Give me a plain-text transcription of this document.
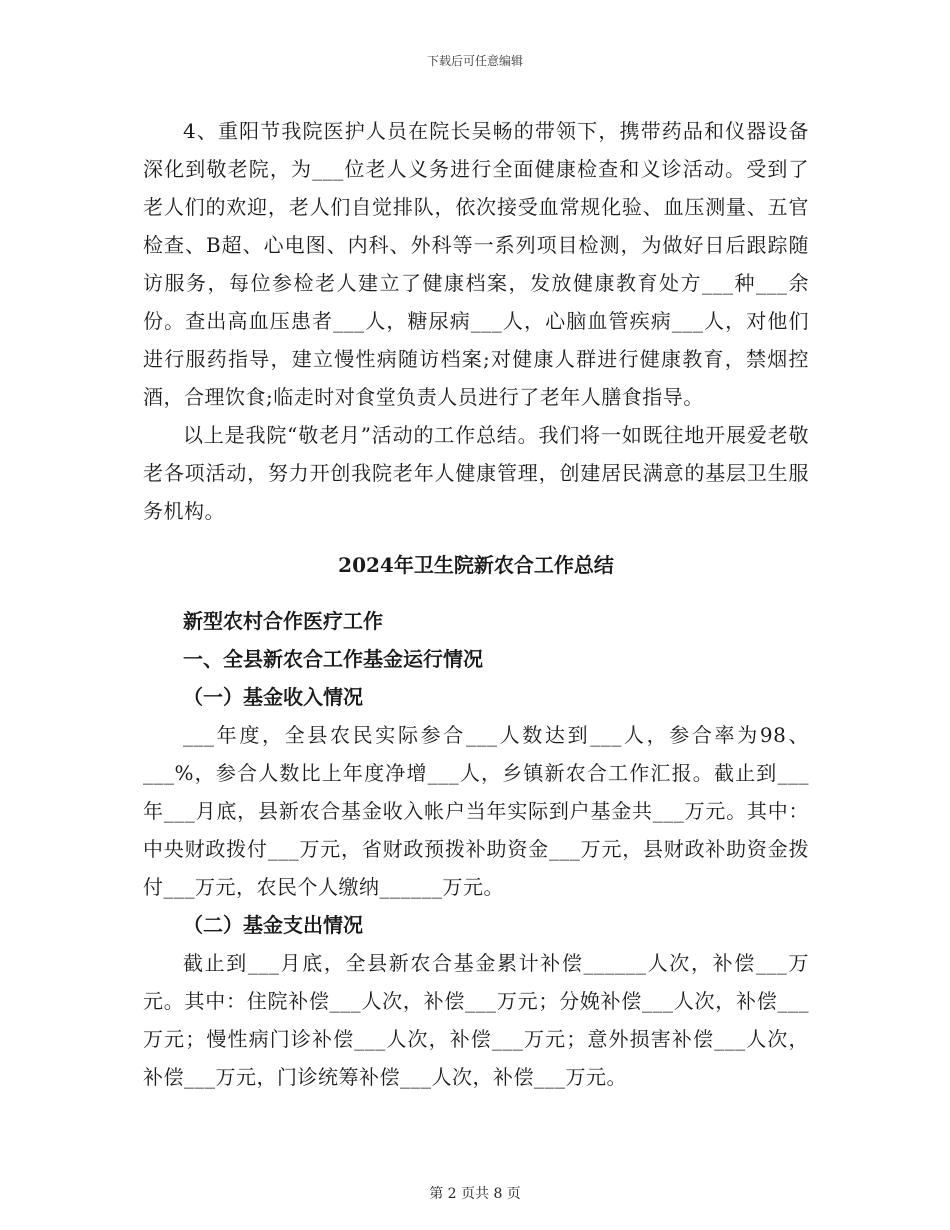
下载后可任意编辑

4、重阳节我院医护人员在院长吴畅的带领下，携带药品和仪器设备深化到敬老院，为___位老人义务进行全面健康检查和义诊活动。受到了老人们的欢迎，老人们自觉排队，依次接受血常规化验、血压测量、五官检查、B超、心电图、内科、外科等一系列项目检测，为做好日后跟踪随访服务，每位参检老人建立了健康档案，发放健康教育处方___种___余份。查出高血压患者___人，糖尿病___人，心脑血管疾病___人，对他们进行服药指导，建立慢性病随访档案;对健康人群进行健康教育，禁烟控酒，合理饮食;临走时对食堂负责人员进行了老年人膳食指导。

以上是我院“敬老月”活动的工作总结。我们将一如既往地开展爱老敬老各项活动，努力开创我院老年人健康管理，创建居民满意的基层卫生服务机构。

2024年卫生院新农合工作总结
新型农村合作医疗工作
一、全县新农合工作基金运行情况
（一）基金收入情况

___年度，全县农民实际参合___人数达到___人，参合率为98、___%，参合人数比上年度净增___人，乡镇新农合工作汇报。截止到___年___月底，县新农合基金收入帐户当年实际到户基金共___万元。其中：中央财政拨付___万元，省财政预拨补助资金___万元，县财政补助资金拨付___万元，农民个人缴纳______万元。

（二）基金支出情况

截止到___月底，全县新农合基金累计补偿______人次，补偿___万元。其中：住院补偿___人次，补偿___万元；分娩补偿___人次，补偿___万元；慢性病门诊补偿___人次，补偿___万元；意外损害补偿___人次，补偿___万元，门诊统筹补偿___人次，补偿___万元。

第 2 页共 8 页
